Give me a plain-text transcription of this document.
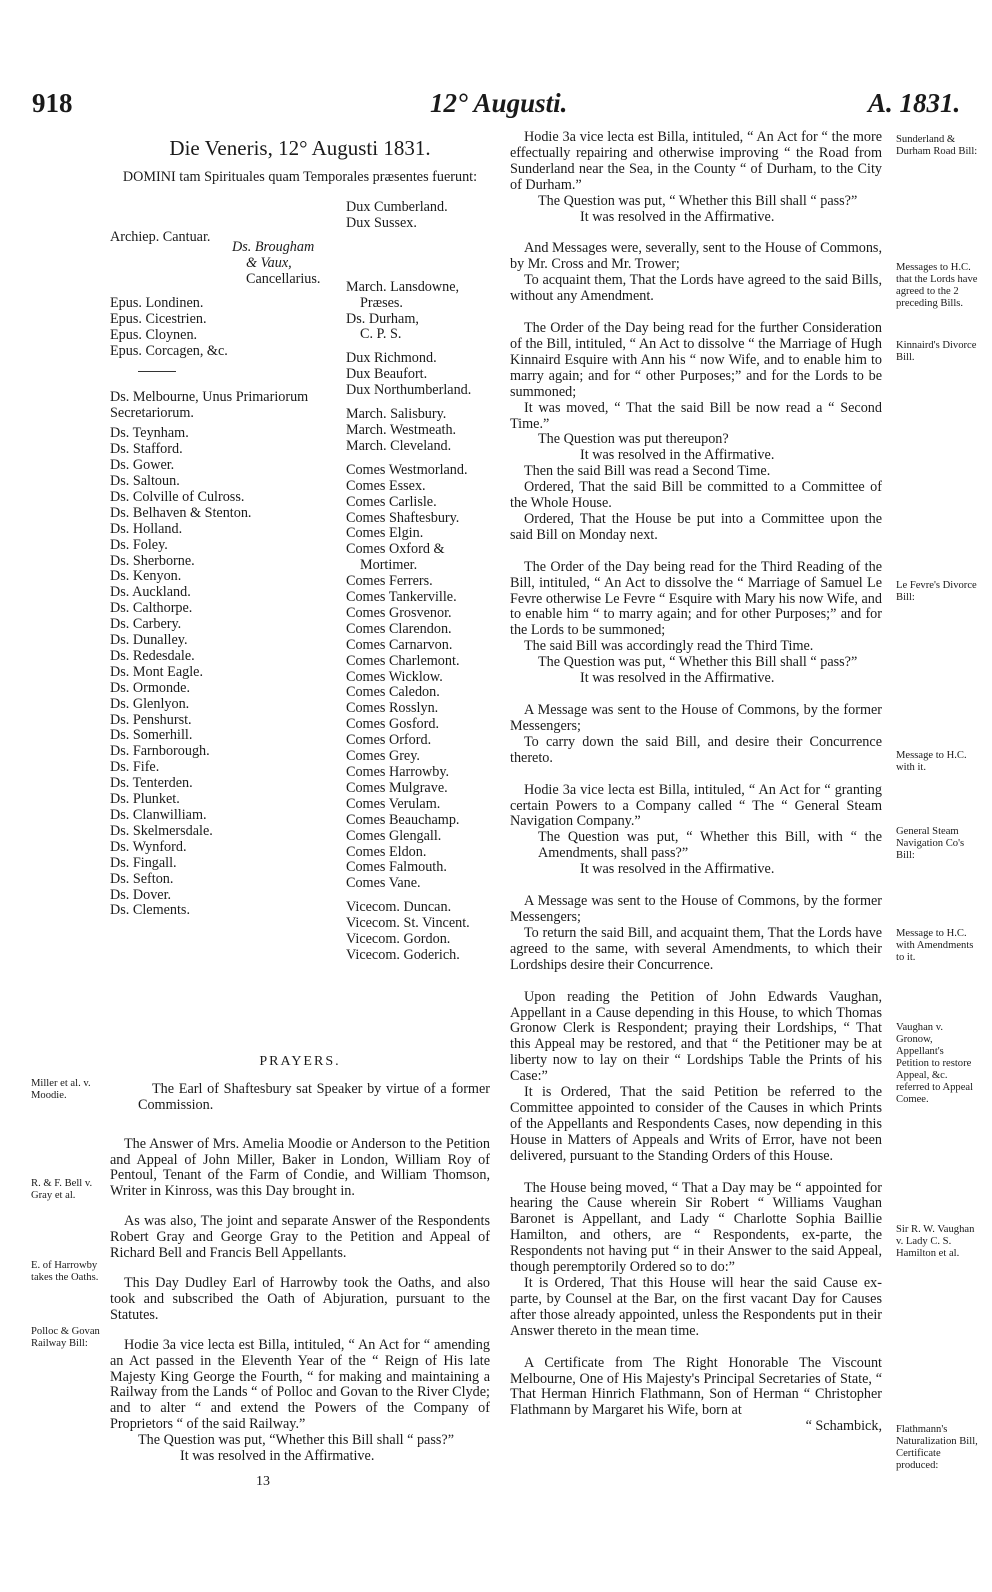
918	12° Augusti.	A. 1831.
Die Veneris, 12° Augusti 1831.

DOMINI tam Spirituales quam Temporales præsentes fuerunt:

Archiep. Cantuar.
Ds. Brougham
& Vaux,
Cancellarius.
Epus. Londinen.
Epus. Cicestrien.
Epus. Cloynen.
Epus. Corcagen, &c.
Ds. Melbourne, Unus Primariorum Secretariorum.
Ds. Teynham.
Ds. Stafford.
Ds. Gower.
Ds. Saltoun.
Ds. Colville of Culross.
Ds. Belhaven & Stenton.
Ds. Holland.
Ds. Foley.
Ds. Sherborne.
Ds. Kenyon.
Ds. Auckland.
Ds. Calthorpe.
Ds. Carbery.
Ds. Dunalley.
Ds. Redesdale.
Ds. Mont Eagle.
Ds. Ormonde.
Ds. Glenlyon.
Ds. Penshurst.
Ds. Somerhill.
Ds. Farnborough.
Ds. Fife.
Ds. Tenterden.
Ds. Plunket.
Ds. Clanwilliam.
Ds. Skelmersdale.
Ds. Wynford.
Ds. Fingall.
Ds. Sefton.
Ds. Dover.
Ds. Clements.
Dux Cumberland.
Dux Sussex.
March. Lansdowne,
Præses.
Ds. Durham,
C. P. S.
Dux Richmond.
Dux Beaufort.
Dux Northumberland.
March. Salisbury.
March. Westmeath.
March. Cleveland.
Comes Westmorland.
Comes Essex.
Comes Carlisle.
Comes Shaftesbury.
Comes Elgin.
Comes Oxford &
Mortimer.
Comes Ferrers.
Comes Tankerville.
Comes Grosvenor.
Comes Clarendon.
Comes Carnarvon.
Comes Charlemont.
Comes Wicklow.
Comes Caledon.
Comes Rosslyn.
Comes Gosford.
Comes Orford.
Comes Grey.
Comes Harrowby.
Comes Mulgrave.
Comes Verulam.
Comes Beauchamp.
Comes Glengall.
Comes Eldon.
Comes Falmouth.
Comes Vane.
Vicecom. Duncan.
Vicecom. St. Vincent.
Vicecom. Gordon.
Vicecom. Goderich.
PRAYERS.

The Earl of Shaftesbury sat Speaker by virtue of a former Commission.

The Answer of Mrs. Amelia Moodie or Anderson to the Petition and Appeal of John Miller, Baker in London, William Roy of Pentoul, Tenant of the Farm of Condie, and William Thomson, Writer in Kinross, was this Day brought in.

As was also, The joint and separate Answer of the Respondents Robert Gray and George Gray to the Petition and Appeal of Richard Bell and Francis Bell Appellants.

This Day Dudley Earl of Harrowby took the Oaths, and also took and subscribed the Oath of Abjuration, pursuant to the Statutes.

Hodie 3a vice lecta est Billa, intituled, “ An Act for “ amending an Act passed in the Eleventh Year of the “ Reign of His late Majesty King George the Fourth, “ for making and maintaining a Railway from the Lands “ of Polloc and Govan to the River Clyde; and to alter “ and extend the Powers of the Company of Proprietors “ of the said Railway.”

The Question was put, “Whether this Bill shall “ pass?”

It was resolved in the Affirmative.

13
Miller et al. v. Moodie.
R. & F. Bell v. Gray et al.
E. of Harrowby takes the Oaths.
Polloc & Govan Railway Bill:

Hodie 3a vice lecta est Billa, intituled, “ An Act for “ the more effectually repairing and otherwise improving “ the Road from Sunderland near the Sea, in the County “ of Durham, to the City of Durham.”

The Question was put, “ Whether this Bill shall “ pass?”

It was resolved in the Affirmative.

And Messages were, severally, sent to the House of Commons, by Mr. Cross and Mr. Trower;

To acquaint them, That the Lords have agreed to the said Bills, without any Amendment.

The Order of the Day being read for the further Consideration of the Bill, intituled, “ An Act to dissolve “ the Marriage of Hugh Kinnaird Esquire with Ann his “ now Wife, and to enable him to marry again; and for “ other Purposes;” and for the Lords to be summoned;

It was moved, “ That the said Bill be now read a “ Second Time.”

The Question was put thereupon?

It was resolved in the Affirmative.

Then the said Bill was read a Second Time.

Ordered, That the said Bill be committed to a Committee of the Whole House.

Ordered, That the House be put into a Committee upon the said Bill on Monday next.

The Order of the Day being read for the Third Reading of the Bill, intituled, “ An Act to dissolve the “ Marriage of Samuel Le Fevre otherwise Le Fevre “ Esquire with Mary his now Wife, and to enable him “ to marry again; and for other Purposes;” and for the Lords to be summoned;

The said Bill was accordingly read the Third Time.

The Question was put, “ Whether this Bill shall “ pass?”

It was resolved in the Affirmative.

A Message was sent to the House of Commons, by the former Messengers;

To carry down the said Bill, and desire their Concurrence thereto.

Hodie 3a vice lecta est Billa, intituled, “ An Act for “ granting certain Powers to a Company called “ The “ General Steam Navigation Company.”

The Question was put, “ Whether this Bill, with “ the Amendments, shall pass?”

It was resolved in the Affirmative.

A Message was sent to the House of Commons, by the former Messengers;

To return the said Bill, and acquaint them, That the Lords have agreed to the same, with several Amendments, to which their Lordships desire their Concurrence.

Upon reading the Petition of John Edwards Vaughan, Appellant in a Cause depending in this House, to which Thomas Gronow Clerk is Respondent; praying their Lordships, “ That this Appeal may be restored, and that “ the Petitioner may be at liberty now to lay on their “ Lordships Table the Prints of his Case:”

It is Ordered, That the said Petition be referred to the Committee appointed to consider of the Causes in which Prints of the Appellants and Respondents Cases, now depending in this House in Matters of Appeals and Writs of Error, have not been delivered, pursuant to the Standing Orders of this House.

The House being moved, “ That a Day may be “ appointed for hearing the Cause wherein Sir Robert “ Williams Vaughan Baronet is Appellant, and Lady “ Charlotte Sophia Baillie Hamilton, and others, are “ Respondents, ex-parte, the Respondents not having put “ in their Answer to the said Appeal, though peremptorily Ordered so to do:”

It is Ordered, That this House will hear the said Cause ex-parte, by Counsel at the Bar, on the first vacant Day for Causes after those already appointed, unless the Respondents put in their Answer thereto in the mean time.

A Certificate from The Right Honorable The Viscount Melbourne, One of His Majesty's Principal Secretaries of State, “ That Herman Hinrich Flathmann, Son of Herman “ Christopher Flathmann by Margaret his Wife, born at

“ Schambick,

Sunderland & Durham Road Bill:
Messages to H.C. that the Lords have agreed to the 2 preceding Bills.
Kinnaird's Divorce Bill.
Le Fevre's Divorce Bill:
Message to H.C. with it.
General Steam Navigation Co's Bill:
Message to H.C. with Amendments to it.
Vaughan v. Gronow, Appellant's Petition to restore Appeal, &c. referred to Appeal Comee.
Sir R. W. Vaughan v. Lady C. S. Hamilton et al.
Flathmann's Naturalization Bill, Certificate produced:
